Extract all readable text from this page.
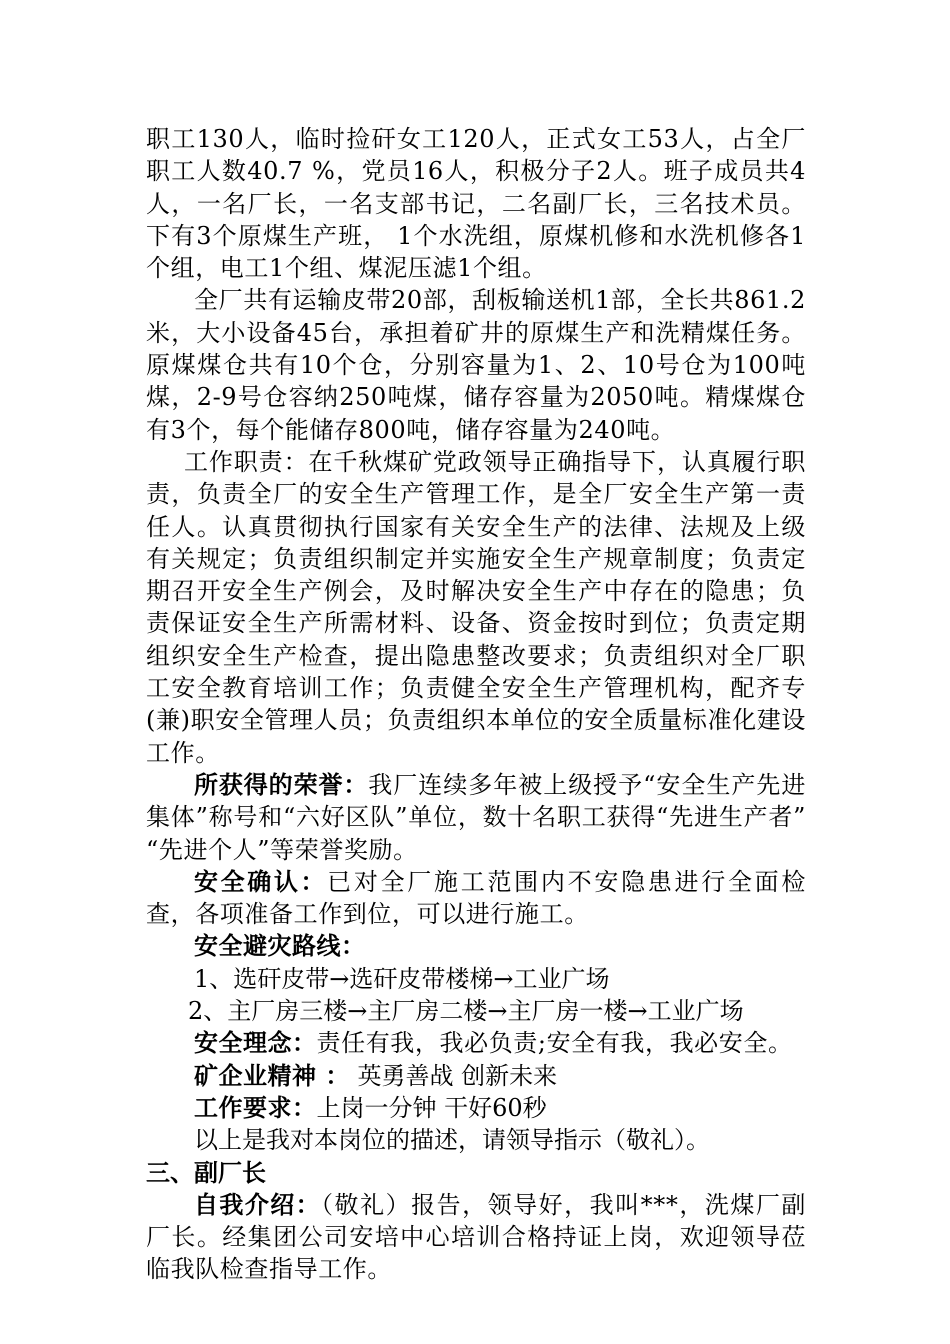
职工130人，临时捡矸女工120人，正式女工53人，占全厂职工人数40.7 %，党员16人，积极分子2人。班子成员共4人，一名厂长，一名支部书记，二名副厂长，三名技术员。下有3个原煤生产班， 1个水洗组，原煤机修和水洗机修各1个组，电工1个组、煤泥压滤1个组。

全厂共有运输皮带20部，刮板输送机1部，全长共861.2米，大小设备45台，承担着矿井的原煤生产和洗精煤任务。原煤煤仓共有10个仓，分别容量为1、2、10号仓为100吨煤，2-9号仓容纳250吨煤，储存容量为2050吨。精煤煤仓有3个，每个能储存800吨，储存容量为240吨。

工作职责：在千秋煤矿党政领导正确指导下，认真履行职责，负责全厂的安全生产管理工作，是全厂安全生产第一责任人。认真贯彻执行国家有关安全生产的法律、法规及上级有关规定；负责组织制定并实施安全生产规章制度；负责定期召开安全生产例会，及时解决安全生产中存在的隐患；负责保证安全生产所需材料、设备、资金按时到位；负责定期组织安全生产检查，提出隐患整改要求；负责组织对全厂职工安全教育培训工作；负责健全安全生产管理机构，配齐专(兼)职安全管理人员；负责组织本单位的安全质量标准化建设工作。

所获得的荣誉：我厂连续多年被上级授予“安全生产先进集体”称号和“六好区队”单位，数十名职工获得“先进生产者” “先进个人”等荣誉奖励。

安全确认：已对全厂施工范围内不安隐患进行全面检查，各项准备工作到位，可以进行施工。

安全避灾路线：

1、选矸皮带→选矸皮带楼梯→工业广场

2、主厂房三楼→主厂房二楼→主厂房一楼→工业广场

安全理念：责任有我，我必负责;安全有我，我必安全。

矿企业精神 ： 英勇善战 创新未来

工作要求：上岗一分钟 干好60秒

以上是我对本岗位的描述，请领导指示（敬礼）。

三、副厂长

自我介绍：（敬礼）报告，领导好，我叫***，洗煤厂副厂长。经集团公司安培中心培训合格持证上岗，欢迎领导莅临我队检查指导工作。
